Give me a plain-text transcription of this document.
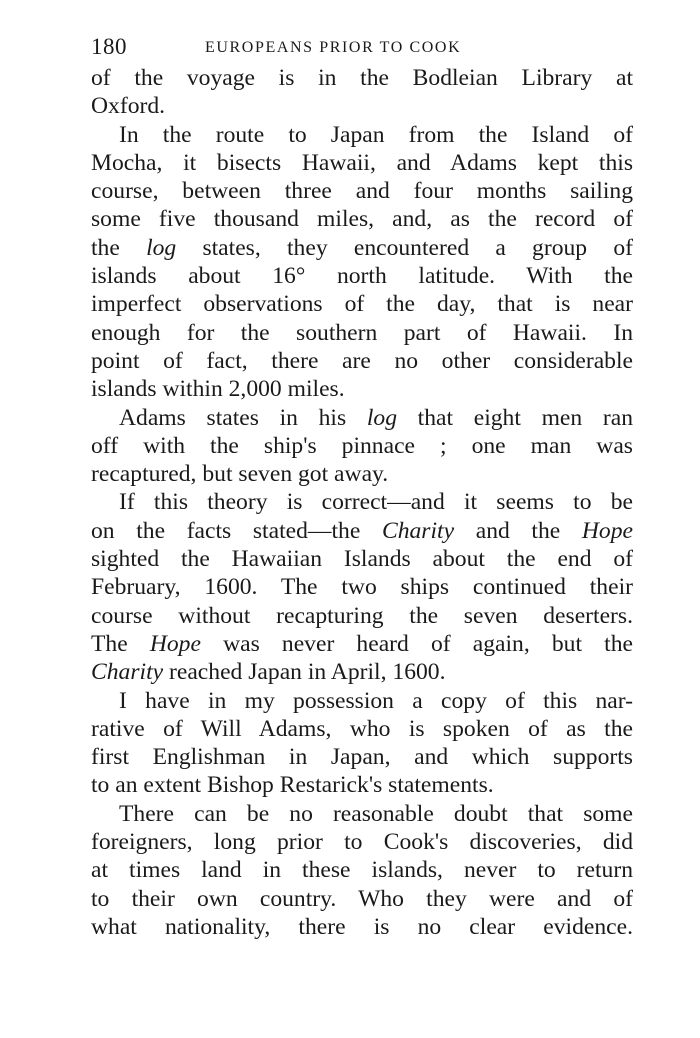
180	EUROPEANS PRIOR TO COOK
of the voyage is in the Bodleian Library at
Oxford.
In the route to Japan from the Island of
Mocha, it bisects Hawaii, and Adams kept this
course, between three and four months sailing
some five thousand miles, and, as the record of
the log states, they encountered a group of
islands about 16° north latitude. With the
imperfect observations of the day, that is near
enough for the southern part of Hawaii. In
point of fact, there are no other considerable
islands within 2,000 miles.
Adams states in his log that eight men ran
off with the ship's pinnace ; one man was
recaptured, but seven got away.
If this theory is correct—and it seems to be
on the facts stated—the Charity and the Hope
sighted the Hawaiian Islands about the end of
February, 1600. The two ships continued their
course without recapturing the seven deserters.
The Hope was never heard of again, but the
Charity reached Japan in April, 1600.
I have in my possession a copy of this nar-
rative of Will Adams, who is spoken of as the
first Englishman in Japan, and which supports
to an extent Bishop Restarick's statements.
There can be no reasonable doubt that some
foreigners, long prior to Cook's discoveries, did
at times land in these islands, never to return
to their own country. Who they were and of
what nationality, there is no clear evidence.
